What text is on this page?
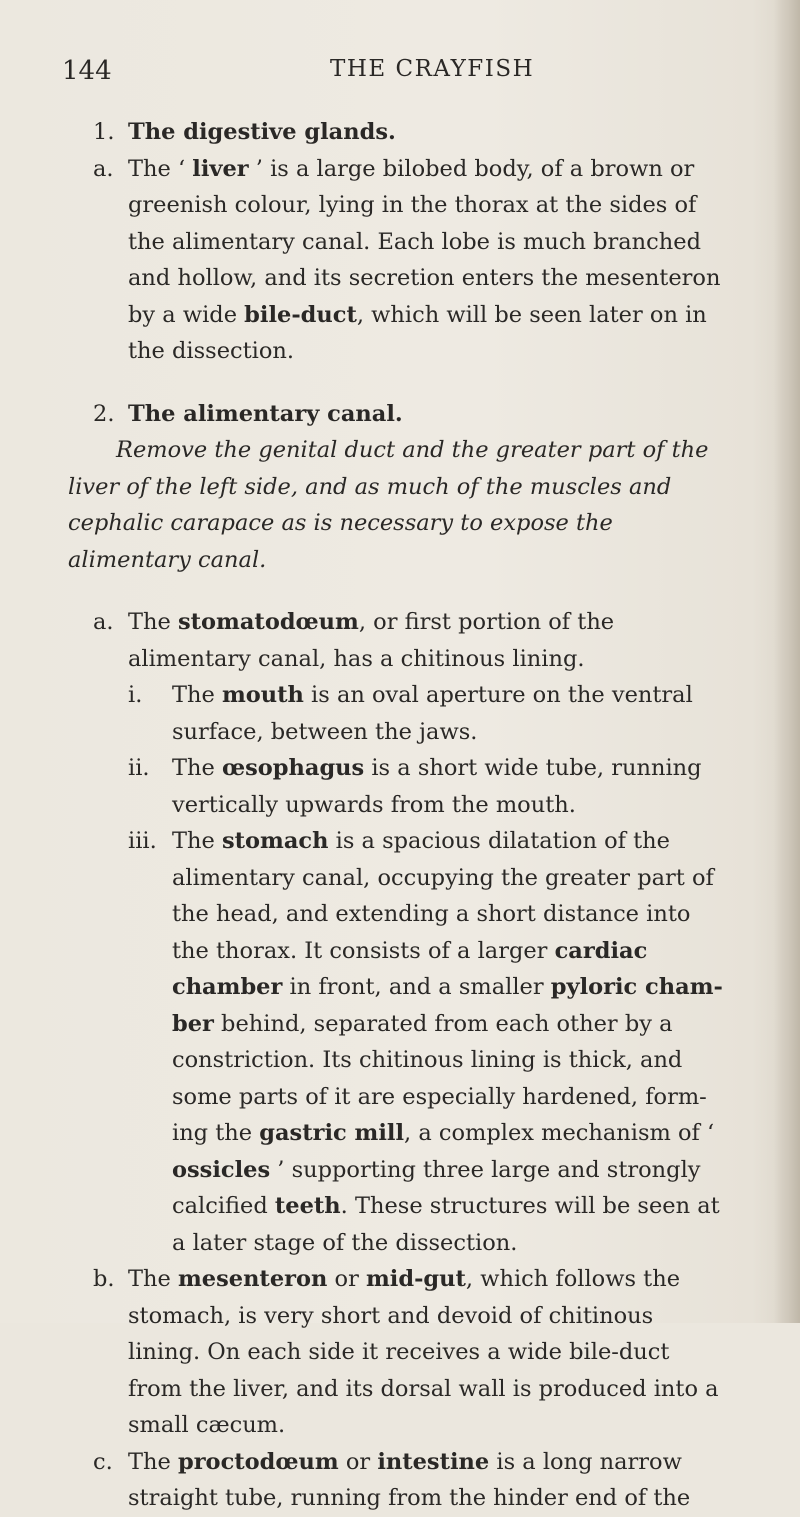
144	THE CRAYFISH

1. The digestive glands.

a. The ‘ liver ’ is a large bilobed body, of a brown or greenish colour, lying in the thorax at the sides of the alimentary canal. Each lobe is much branched and hollow, and its secretion enters the mesenteron by a wide bile-duct, which will be seen later on in the dissection.

2. The alimentary canal.

Remove the genital duct and the greater part of the liver of the left side, and as much of the muscles and cephalic carapace as is necessary to expose the alimentary canal.

a. The stomatodœum, or first portion of the alimentary canal, has a chitinous lining.

i. The mouth is an oval aperture on the ventral surface, between the jaws.

ii. The œsophagus is a short wide tube, running vertically upwards from the mouth.

iii. The stomach is a spacious dilatation of the alimentary canal, occupying the greater part of the head, and extending a short distance into the thorax. It consists of a larger cardiac chamber in front, and a smaller pyloric chamber behind, separated from each other by a constriction. Its chitinous lining is thick, and some parts of it are especially hardened, forming the gastric mill, a complex mechanism of ‘ ossicles ’ supporting three large and strongly calcified teeth. These structures will be seen at a later stage of the dissection.

b. The mesenteron or mid-gut, which follows the stomach, is very short and devoid of chitinous lining. On each side it receives a wide bile-duct from the liver, and its dorsal wall is produced into a small cæcum.

c. The proctodœum or intestine is a long narrow straight tube, running from the hinder end of the
